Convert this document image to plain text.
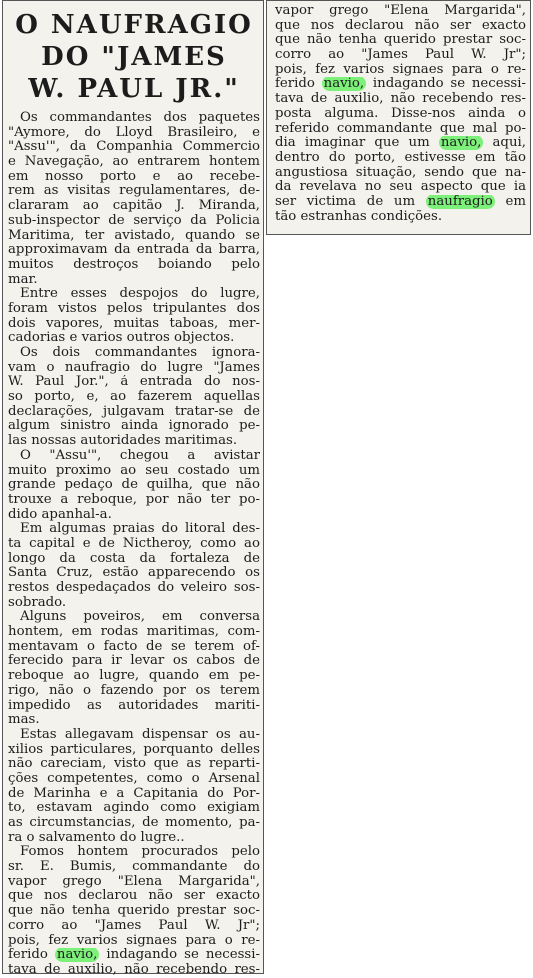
O NAUFRAGIO
DO "JAMES
W. PAUL JR."
Os commandantes dos paquetes
"Aymore, do Lloyd Brasileiro, e
"Assu'", da Companhia Commercio
e Navegação, ao entrarem hontem
em nosso porto e ao recebe-
rem as visitas regulamentares, de-
clararam ao capitão J. Miranda,
sub-inspector de serviço da Policia
Maritima, ter avistado, quando se
approximavam da entrada da barra,
muitos destroços boiando pelo
mar.
Entre esses despojos do lugre,
foram vistos pelos tripulantes dos
dois vapores, muitas taboas, mer-
cadorias e varios outros objectos.
Os dois commandantes ignora-
vam o naufragio do lugre "James
W. Paul Jor.", á entrada do nos-
so porto, e, ao fazerem aquellas
declarações, julgavam tratar-se de
algum sinistro ainda ignorado pe-
las nossas autoridades maritimas.
O "Assu'", chegou a avistar
muito proximo ao seu costado um
grande pedaço de quilha, que não
trouxe a reboque, por não ter po-
dido apanhal-a.
Em algumas praias do litoral des-
ta capital e de Nictheroy, como ao
longo da costa da fortaleza de
Santa Cruz, estão apparecendo os
restos despedaçados do veleiro sos-
sobrado.
Alguns poveiros, em conversa
hontem, em rodas maritimas, com-
mentavam o facto de se terem of-
ferecido para ir levar os cabos de
reboque ao lugre, quando em pe-
rigo, não o fazendo por os terem
impedido as autoridades mariti-
mas.
Estas allegavam dispensar os au-
xilios particulares, porquanto delles
não careciam, visto que as reparti-
ções competentes, como o Arsenal
de Marinha e a Capitania do Por-
to, estavam agindo como exigiam
as circumstancias, de momento, pa-
ra o salvamento do lugre..
Fomos hontem procurados pelo
sr. E. Bumis, commandante do
vapor grego "Elena Margarida",
que nos declarou não ser exacto
que não tenha querido prestar soc-
corro ao "James Paul W. Jr";
pois, fez varios signaes para o re-
ferido navio, indagando se necessi-
tava de auxilio, não recebendo res-
vapor grego "Elena Margarida",
que nos declarou não ser exacto
que não tenha querido prestar soc-
corro ao "James Paul W. Jr";
pois, fez varios signaes para o re-
ferido navio, indagando se necessi-
tava de auxilio, não recebendo res-
posta alguma. Disse-nos ainda o
referido commandante que mal po-
dia imaginar que um navio, aqui,
dentro do porto, estivesse em tão
angustiosa situação, sendo que na-
da revelava no seu aspecto que ia
ser victima de um naufragio em
tão estranhas condições.
